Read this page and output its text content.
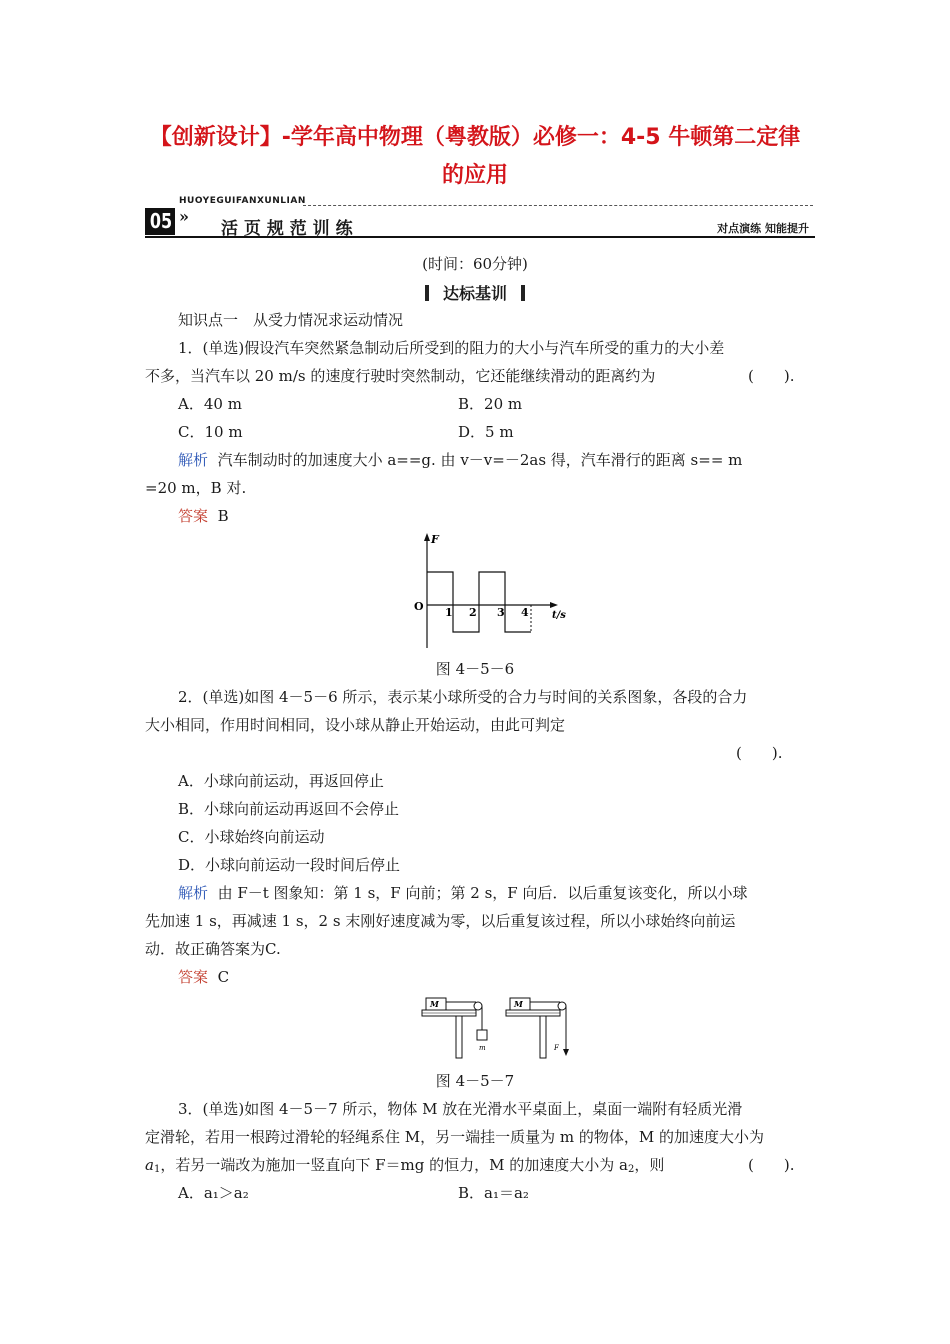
【创新设计】-学年高中物理（粤教版）必修一：4-5 牛顿第二定律
的应用
HUOYEGUIFANXUNLIAN
05 »
活 页 规 范 训 练	对点演练 知能提升
(时间：60分钟)
达标基训
知识点一　从受力情况求运动情况
1．(单选)假设汽车突然紧急制动后所受到的阻力的大小与汽车所受的重力的大小差
不多，当汽车以 20 m/s 的速度行驶时突然制动，它还能继续滑动的距离约为	(　　).
A．40 m	B．20 m
C．10 m	D．5 m
解析 汽车制动时的加速度大小 a==g. 由 v－v=－2as 得，汽车滑行的距离 s== m
=20 m，B 对.
答案 B
F
O 1 2 3 4 t/s
图 4－5－6
2．(单选)如图 4－5－6 所示，表示某小球所受的合力与时间的关系图象，各段的合力
大小相同，作用时间相同，设小球从静止开始运动，由此可判定
(　　).
A．小球向前运动，再返回停止
B．小球向前运动再返回不会停止
C．小球始终向前运动
D．小球向前运动一段时间后停止
解析 由 F－t 图象知：第 1 s，F 向前；第 2 s，F 向后．以后重复该变化，所以小球
先加速 1 s，再减速 1 s，2 s 末刚好速度减为零，以后重复该过程，所以小球始终向前运
动．故正确答案为C.
答案 C
M
m
M
F
图 4－5－7
3．(单选)如图 4－5－7 所示，物体 M 放在光滑水平桌面上，桌面一端附有轻质光滑
定滑轮，若用一根跨过滑轮的轻绳系住 M，另一端挂一质量为 m 的物体，M 的加速度大小为
$a_1$，若另一端改为施加一竖直向下 F＝mg 的恒力，M 的加速度大小为 $a_2$，则	(　　).
A．a₁＞a₂	B．a₁＝a₂
